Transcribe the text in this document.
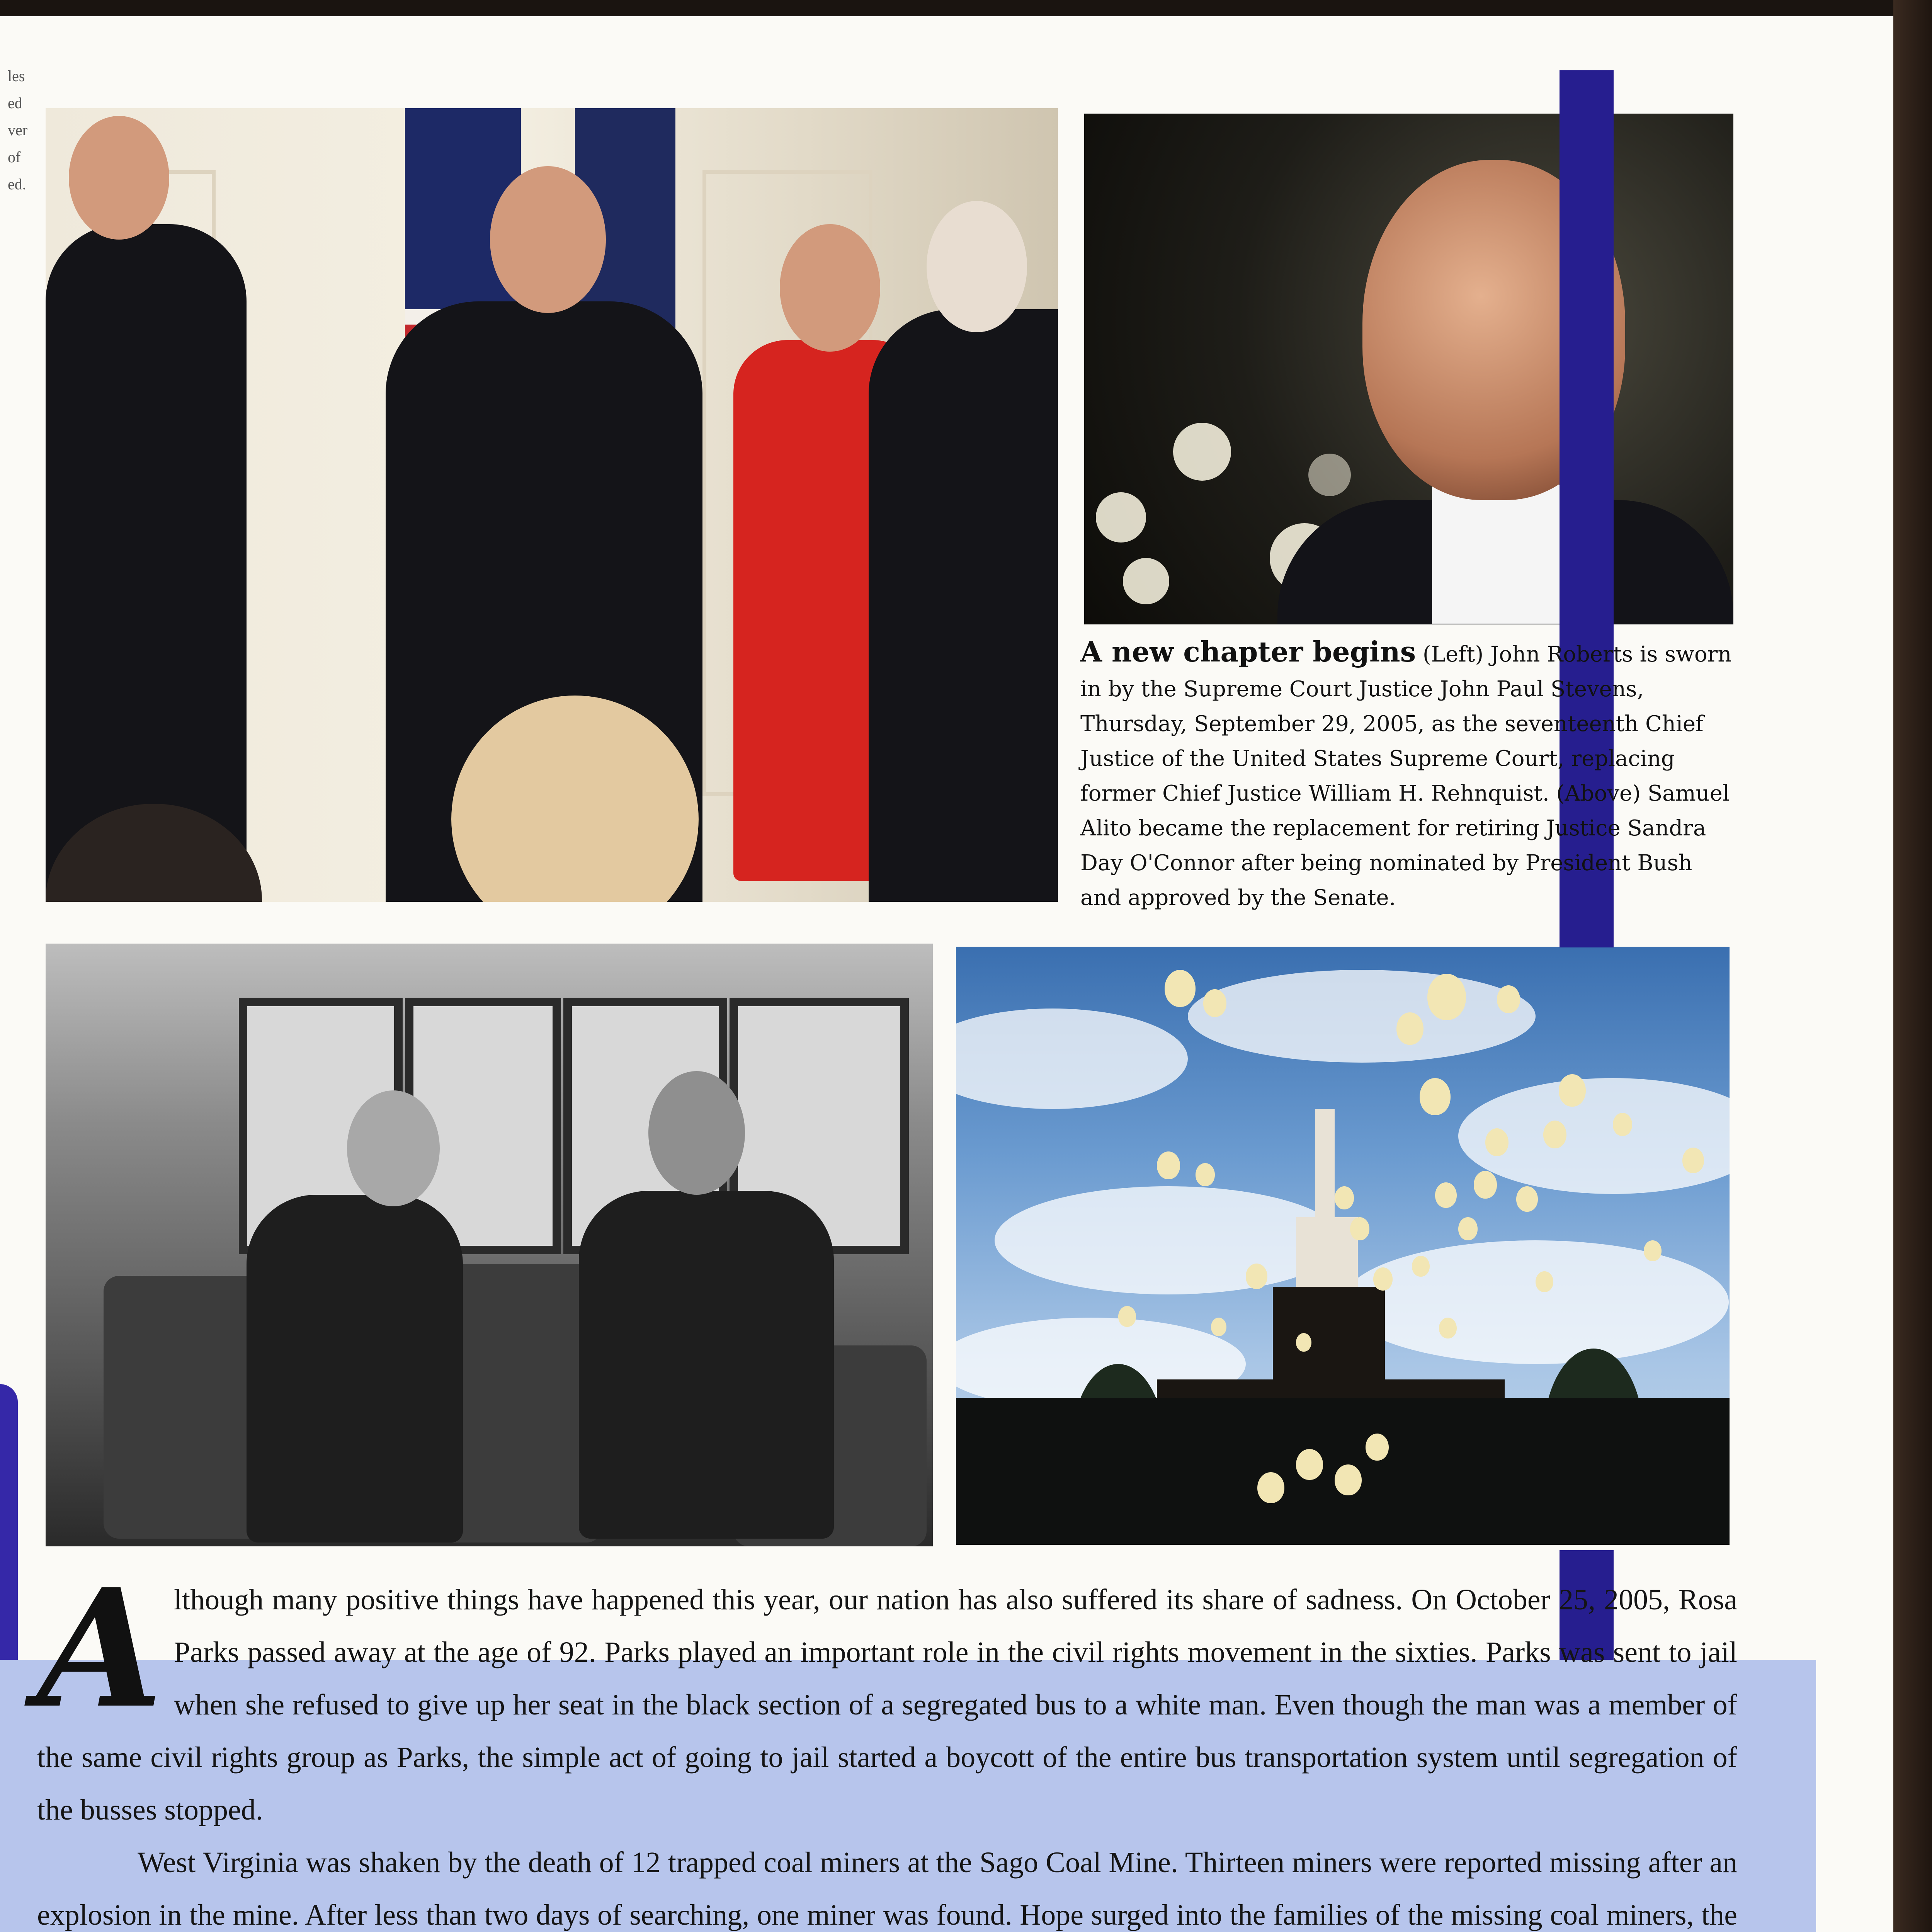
les
ed
ver
of
ed.
A new chapter begins (Left) John Roberts is sworn in by the Supreme Court Justice John Paul Stevens, Thursday, September 29, 2005, as the seventeenth Chief Justice of the United States Supreme Court, replacing former Chief Justice William H. Rehnquist. (Above) Samuel Alito became the replacement for retiring Justice Sandra Day O'Connor after being nominated by President Bush and approved by the Senate.

Although many positive things have happened this year, our nation has also suffered its share of sadness. On October 25, 2005, Rosa Parks passed away at the age of 92. Parks played an important role in the civil rights movement in the sixties. Parks was sent to jail when she refused to give up her seat in the black section of a segregated bus to a white man. Even though the man was a member of the same civil rights group as Parks, the simple act of going to jail started a boycott of the entire bus transportation system until segregation of the busses stopped.

West Virginia was shaken by the death of 12 trapped coal miners at the Sago Coal Mine. Thirteen miners were reported missing after an explosion in the mine. After less than two days of searching, one miner was found. Hope surged into the families of the missing coal miners, the
